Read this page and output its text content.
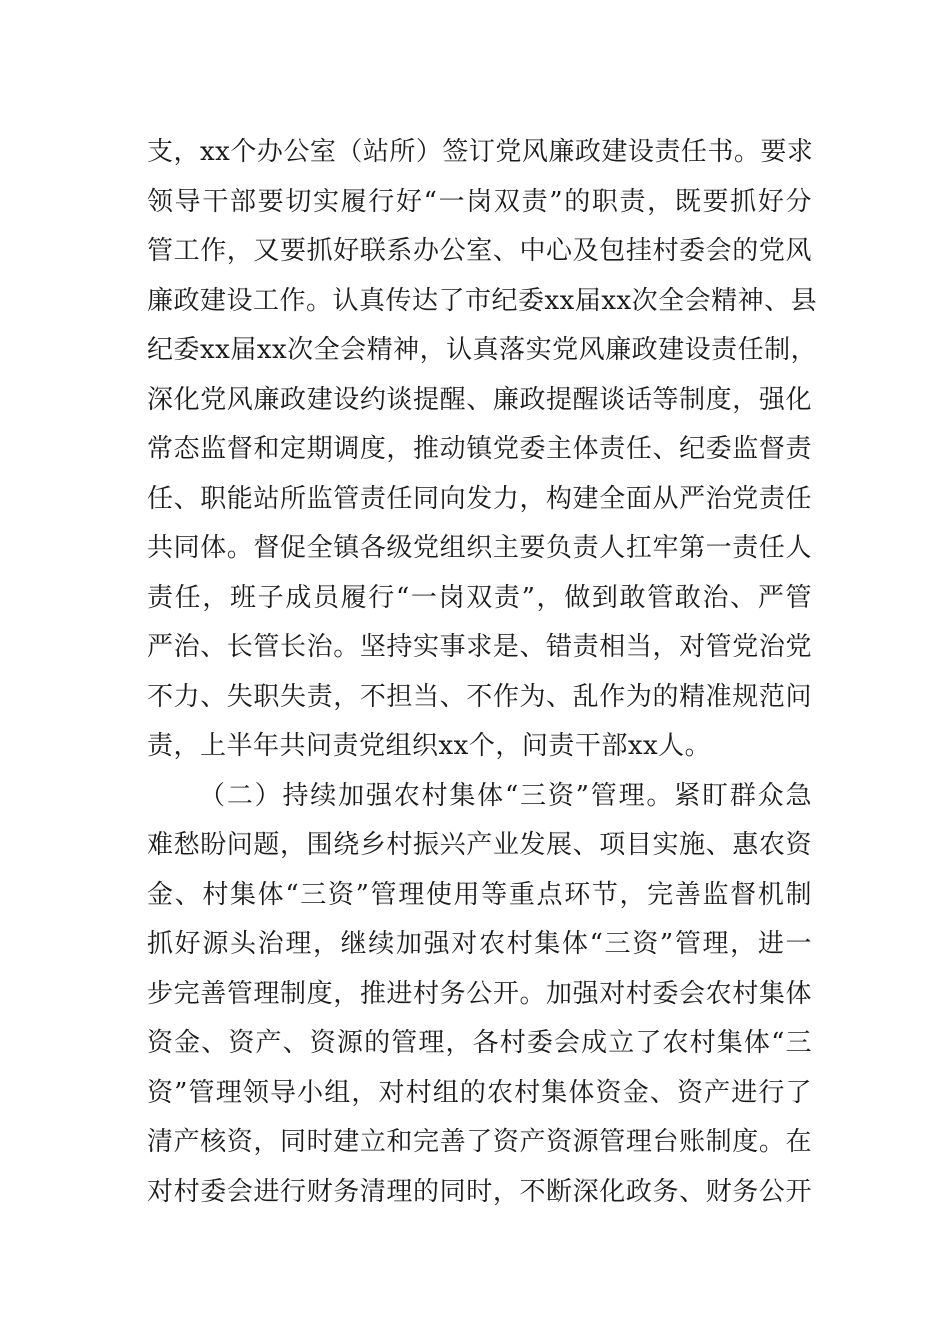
支，xx个办公室（站所）签订党风廉政建设责任书。要求
领导干部要切实履行好“一岗双责”的职责，既要抓好分
管工作，又要抓好联系办公室、中心及包挂村委会的党风
廉政建设工作。认真传达了市纪委xx届xx次全会精神、县
纪委xx届xx次全会精神，认真落实党风廉政建设责任制，
深化党风廉政建设约谈提醒、廉政提醒谈话等制度，强化
常态监督和定期调度，推动镇党委主体责任、纪委监督责
任、职能站所监管责任同向发力，构建全面从严治党责任
共同体。督促全镇各级党组织主要负责人扛牢第一责任人
责任，班子成员履行“一岗双责”，做到敢管敢治、严管
严治、长管长治。坚持实事求是、错责相当，对管党治党
不力、失职失责，不担当、不作为、乱作为的精准规范问
责，上半年共问责党组织xx个，问责干部xx人。
（二）持续加强农村集体“三资”管理。紧盯群众急
难愁盼问题，围绕乡村振兴产业发展、项目实施、惠农资
金、村集体“三资”管理使用等重点环节，完善监督机制
抓好源头治理，继续加强对农村集体“三资”管理，进一
步完善管理制度，推进村务公开。加强对村委会农村集体
资金、资产、资源的管理，各村委会成立了农村集体“三
资”管理领导小组，对村组的农村集体资金、资产进行了
清产核资，同时建立和完善了资产资源管理台账制度。在
对村委会进行财务清理的同时，不断深化政务、财务公开
